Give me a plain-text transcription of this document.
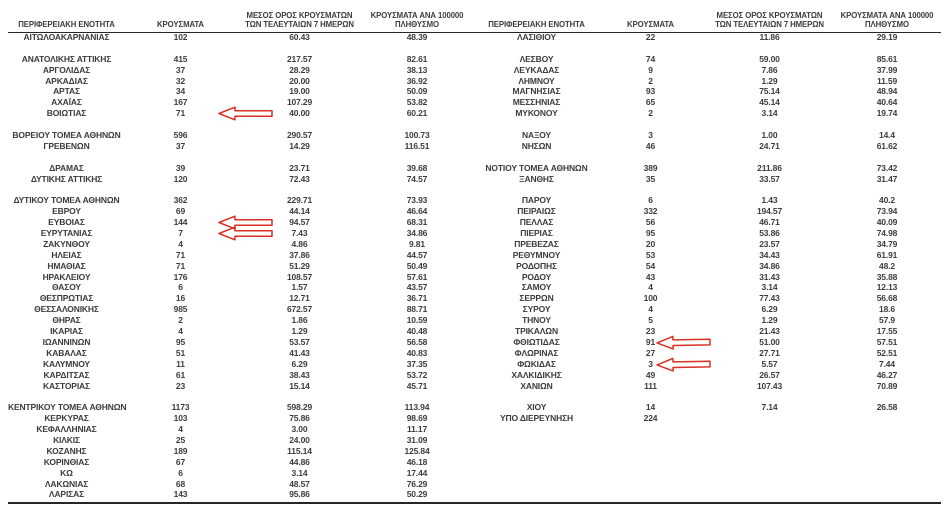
ΠΕΡΙΦΕΡΕΙΑΚΗ ΕΝΟΤΗΤΑ	ΚΡΟΥΣΜΑΤΑ
ΜΕΣΟΣ ΟΡΟΣ ΚΡΟΥΣΜΑΤΩΝ
ΤΩΝ ΤΕΛΕΥΤΑΙΩΝ 7 ΗΜΕΡΩΝ
ΚΡΟΥΣΜΑΤΑ ΑΝΑ 100000
ΠΛΗΘΥΣΜΟ
ΑΙΤΩΛΟΑΚΑΡΝΑΝΙΑΣ	102	60.43	48.39
ΑΝΑΤΟΛΙΚΗΣ ΑΤΤΙΚΗΣ	415	217.57	82.61
ΑΡΓΟΛΙΔΑΣ	37	28.29	38.13
ΑΡΚΑΔΙΑΣ	32	20.00	36.92
ΑΡΤΑΣ	34	19.00	50.09
ΑΧΑΪΑΣ	167	107.29	53.82
ΒΟΙΩΤΙΑΣ	71	40.00	60.21
ΒΟΡΕΙΟΥ ΤΟΜΕΑ ΑΘΗΝΩΝ	596	290.57	100.73
ΓΡΕΒΕΝΩΝ	37	14.29	116.51
ΔΡΑΜΑΣ	39	23.71	39.68
ΔΥΤΙΚΗΣ ΑΤΤΙΚΗΣ	120	72.43	74.57
ΔΥΤΙΚΟΥ ΤΟΜΕΑ ΑΘΗΝΩΝ	362	229.71	73.93
ΕΒΡΟΥ	69	44.14	46.64
ΕΥΒΟΙΑΣ	144	94.57	68.31
ΕΥΡΥΤΑΝΙΑΣ	7	7.43	34.86
ΖΑΚΥΝΘΟΥ	4	4.86	9.81
ΗΛΕΙΑΣ	71	37.86	44.57
ΗΜΑΘΙΑΣ	71	51.29	50.49
ΗΡΑΚΛΕΙΟΥ	176	108.57	57.61
ΘΑΣΟΥ	6	1.57	43.57
ΘΕΣΠΡΩΤΙΑΣ	16	12.71	36.71
ΘΕΣΣΑΛΟΝΙΚΗΣ	985	672.57	88.71
ΘΗΡΑΣ	2	1.86	10.59
ΙΚΑΡΙΑΣ	4	1.29	40.48
ΙΩΑΝΝΙΝΩΝ	95	53.57	56.58
ΚΑΒΑΛΑΣ	51	41.43	40.83
ΚΑΛΥΜΝΟΥ	11	6.29	37.35
ΚΑΡΔΙΤΣΑΣ	61	38.43	53.72
ΚΑΣΤΟΡΙΑΣ	23	15.14	45.71
ΚΕΝΤΡΙΚΟΥ ΤΟΜΕΑ ΑΘΗΝΩΝ	1173	598.29	113.94
ΚΕΡΚΥΡΑΣ	103	75.86	98.69
ΚΕΦΑΛΛΗΝΙΑΣ	4	3.00	11.17
ΚΙΛΚΙΣ	25	24.00	31.09
ΚΟΖΑΝΗΣ	189	115.14	125.84
ΚΟΡΙΝΘΙΑΣ	67	44.86	46.18
ΚΩ	6	3.14	17.44
ΛΑΚΩΝΙΑΣ	68	48.57	76.29
ΛΑΡΙΣΑΣ	143	95.86	50.29
ΠΕΡΙΦΕΡΕΙΑΚΗ ΕΝΟΤΗΤΑ	ΚΡΟΥΣΜΑΤΑ
ΜΕΣΟΣ ΟΡΟΣ ΚΡΟΥΣΜΑΤΩΝ
ΤΩΝ ΤΕΛΕΥΤΑΙΩΝ 7 ΗΜΕΡΩΝ
ΚΡΟΥΣΜΑΤΑ ΑΝΑ 100000
ΠΛΗΘΥΣΜΟ
ΛΑΣΙΘΙΟΥ	22	11.86	29.19
ΛΕΣΒΟΥ	74	59.00	85.61
ΛΕΥΚΑΔΑΣ	9	7.86	37.99
ΛΗΜΝΟΥ	2	1.29	11.59
ΜΑΓΝΗΣΙΑΣ	93	75.14	48.94
ΜΕΣΣΗΝΙΑΣ	65	45.14	40.64
ΜΥΚΟΝΟΥ	2	3.14	19.74
ΝΑΞΟΥ	3	1.00	14.4
ΝΗΣΩΝ	46	24.71	61.62
ΝΟΤΙΟΥ ΤΟΜΕΑ ΑΘΗΝΩΝ	389	211.86	73.42
ΞΑΝΘΗΣ	35	33.57	31.47
ΠΑΡΟΥ	6	1.43	40.2
ΠΕΙΡΑΙΩΣ	332	194.57	73.94
ΠΕΛΛΑΣ	56	46.71	40.09
ΠΙΕΡΙΑΣ	95	53.86	74.98
ΠΡΕΒΕΖΑΣ	20	23.57	34.79
ΡΕΘΥΜΝΟΥ	53	34.43	61.91
ΡΟΔΟΠΗΣ	54	34.86	48.2
ΡΟΔΟΥ	43	31.43	35.88
ΣΑΜΟΥ	4	3.14	12.13
ΣΕΡΡΩΝ	100	77.43	56.68
ΣΥΡΟΥ	4	6.29	18.6
ΤΗΝΟΥ	5	1.29	57.9
ΤΡΙΚΑΛΩΝ	23	21.43	17.55
ΦΘΙΩΤΙΔΑΣ	91	51.00	57.51
ΦΛΩΡΙΝΑΣ	27	27.71	52.51
ΦΩΚΙΔΑΣ	3	5.57	7.44
ΧΑΛΚΙΔΙΚΗΣ	49	26.57	46.27
ΧΑΝΙΩΝ	111	107.43	70.89
ΧΙΟΥ	14	7.14	26.58
ΥΠΟ ΔΙΕΡΕΥΝΗΣΗ	224
